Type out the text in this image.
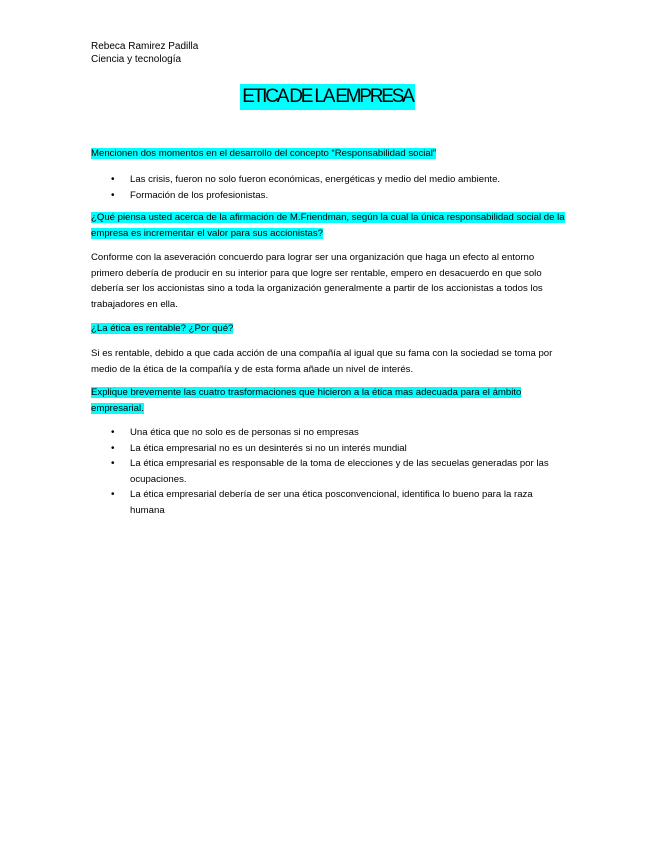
Rebeca Ramirez Padilla
Ciencia y tecnología
ETICA DE LA EMPRESA
Mencionen dos momentos en el desarrollo del concepto “Responsabilidad social”
• Las crisis, fueron no solo fueron económicas, energéticas y medio del medio ambiente.
• Formación de los profesionistas.
¿Qué piensa usted acerca de la afirmación de M.Friendman, según la cual la única responsabilidad social de la empresa es incrementar el valor para sus accionistas?
Conforme con la aseveración concuerdo para lograr ser una organización que haga un efecto al entorno primero debería de producir en su interior para que logre ser rentable, empero en desacuerdo en que solo debería ser los accionistas sino a toda la organización generalmente a partir de los accionistas a todos los trabajadores en ella.
¿La ética es rentable? ¿Por qué?
Si es rentable, debido a que cada acción de una compañía al igual que su fama con la sociedad se toma por medio de la ética de la compañía y de esta forma añade un nivel de interés.
Explique brevemente las cuatro trasformaciones que hicieron a la ética mas adecuada para el ámbito empresarial.
• Una ética que no solo es de personas si no empresas
• La ética empresarial no es un desinterés si no un interés mundial
• La ética empresarial es responsable de la toma de elecciones y de las secuelas generadas por las ocupaciones.
• La ética empresarial debería de ser una ética posconvencional, identifica lo bueno para la raza humana
